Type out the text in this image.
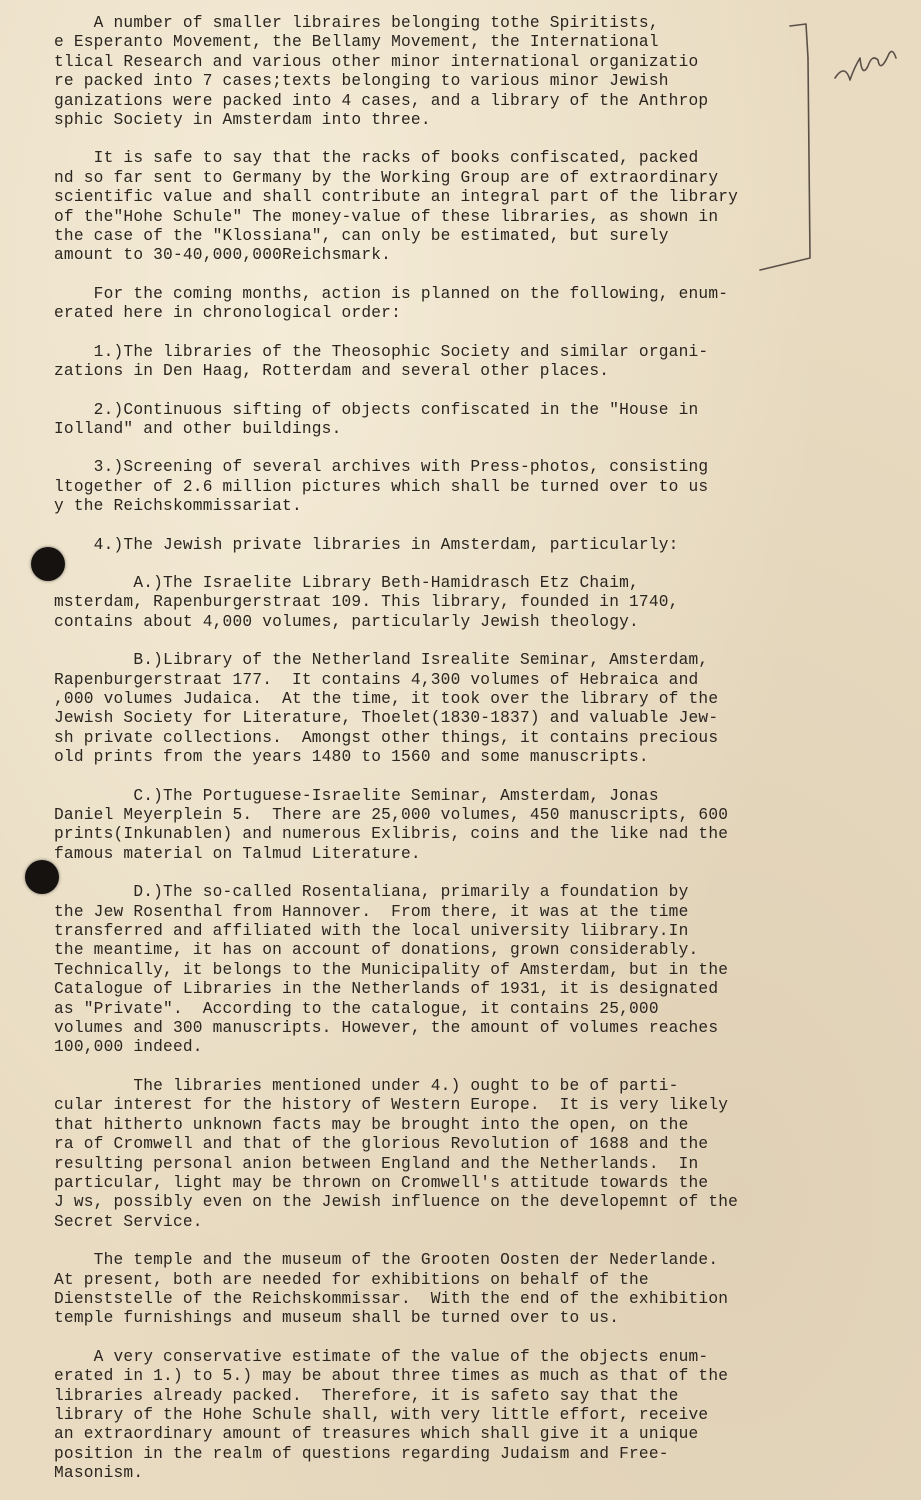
A number of smaller libraires belonging tothe Spiritists,
e Esperanto Movement, the Bellamy Movement, the International
tlical Research and various other minor international organizatio
re packed into 7 cases;texts belonging to various minor Jewish
ganizations were packed into 4 cases, and a library of the Anthrop
sphic Society in Amsterdam into three.
It is safe to say that the racks of books confiscated, packed
nd so far sent to Germany by the Working Group are of extraordinary
scientific value and shall contribute an integral part of the library
of the"Hohe Schule" The money-value of these libraries, as shown in
the case of the "Klossiana", can only be estimated, but surely
amount to 30-40,000,000Reichsmark.
For the coming months, action is planned on the following, enum-
erated here in chronological order:
1.)The libraries of the Theosophic Society and similar organi-
zations in Den Haag, Rotterdam and several other places.
2.)Continuous sifting of objects confiscated in the "House in
Iolland" and other buildings.
3.)Screening of several archives with Press-photos, consisting
ltogether of 2.6 million pictures which shall be turned over to us
y the Reichskommissariat.
4.)The Jewish private libraries in Amsterdam, particularly:
A.)The Israelite Library Beth-Hamidrasch Etz Chaim,
msterdam, Rapenburgerstraat 109. This library, founded in 1740,
contains about 4,000 volumes, particularly Jewish theology.
B.)Library of the Netherland Isrealite Seminar, Amsterdam,
Rapenburgerstraat 177.  It contains 4,300 volumes of Hebraica and
,000 volumes Judaica.  At the time, it took over the library of the
Jewish Society for Literature, Thoelet(1830-1837) and valuable Jew-
sh private collections.  Amongst other things, it contains precious
old prints from the years 1480 to 1560 and some manuscripts.
C.)The Portuguese-Israelite Seminar, Amsterdam, Jonas
Daniel Meyerplein 5.  There are 25,000 volumes, 450 manuscripts, 600
prints(Inkunablen) and numerous Exlibris, coins and the like nad the
famous material on Talmud Literature.
D.)The so-called Rosentaliana, primarily a foundation by
the Jew Rosenthal from Hannover.  From there, it was at the time
transferred and affiliated with the local university liibrary.In
the meantime, it has on account of donations, grown considerably.
Technically, it belongs to the Municipality of Amsterdam, but in the
Catalogue of Libraries in the Netherlands of 1931, it is designated
as "Private".  According to the catalogue, it contains 25,000
volumes and 300 manuscripts. However, the amount of volumes reaches
100,000 indeed.
The libraries mentioned under 4.) ought to be of parti-
cular interest for the history of Western Europe.  It is very likely
that hitherto unknown facts may be brought into the open, on the
ra of Cromwell and that of the glorious Revolution of 1688 and the
resulting personal anion between England and the Netherlands.  In
particular, light may be thrown on Cromwell's attitude towards the
J ws, possibly even on the Jewish influence on the developemnt of the
Secret Service.
The temple and the museum of the Grooten Oosten der Nederlande.
At present, both are needed for exhibitions on behalf of the
Dienststelle of the Reichskommissar.  With the end of the exhibition
temple furnishings and museum shall be turned over to us.
A very conservative estimate of the value of the objects enum-
erated in 1.) to 5.) may be about three times as much as that of the
libraries already packed.  Therefore, it is safeto say that the
library of the Hohe Schule shall, with very little effort, receive
an extraordinary amount of treasures which shall give it a unique
position in the realm of questions regarding Judaism and Free-
Masonism.
